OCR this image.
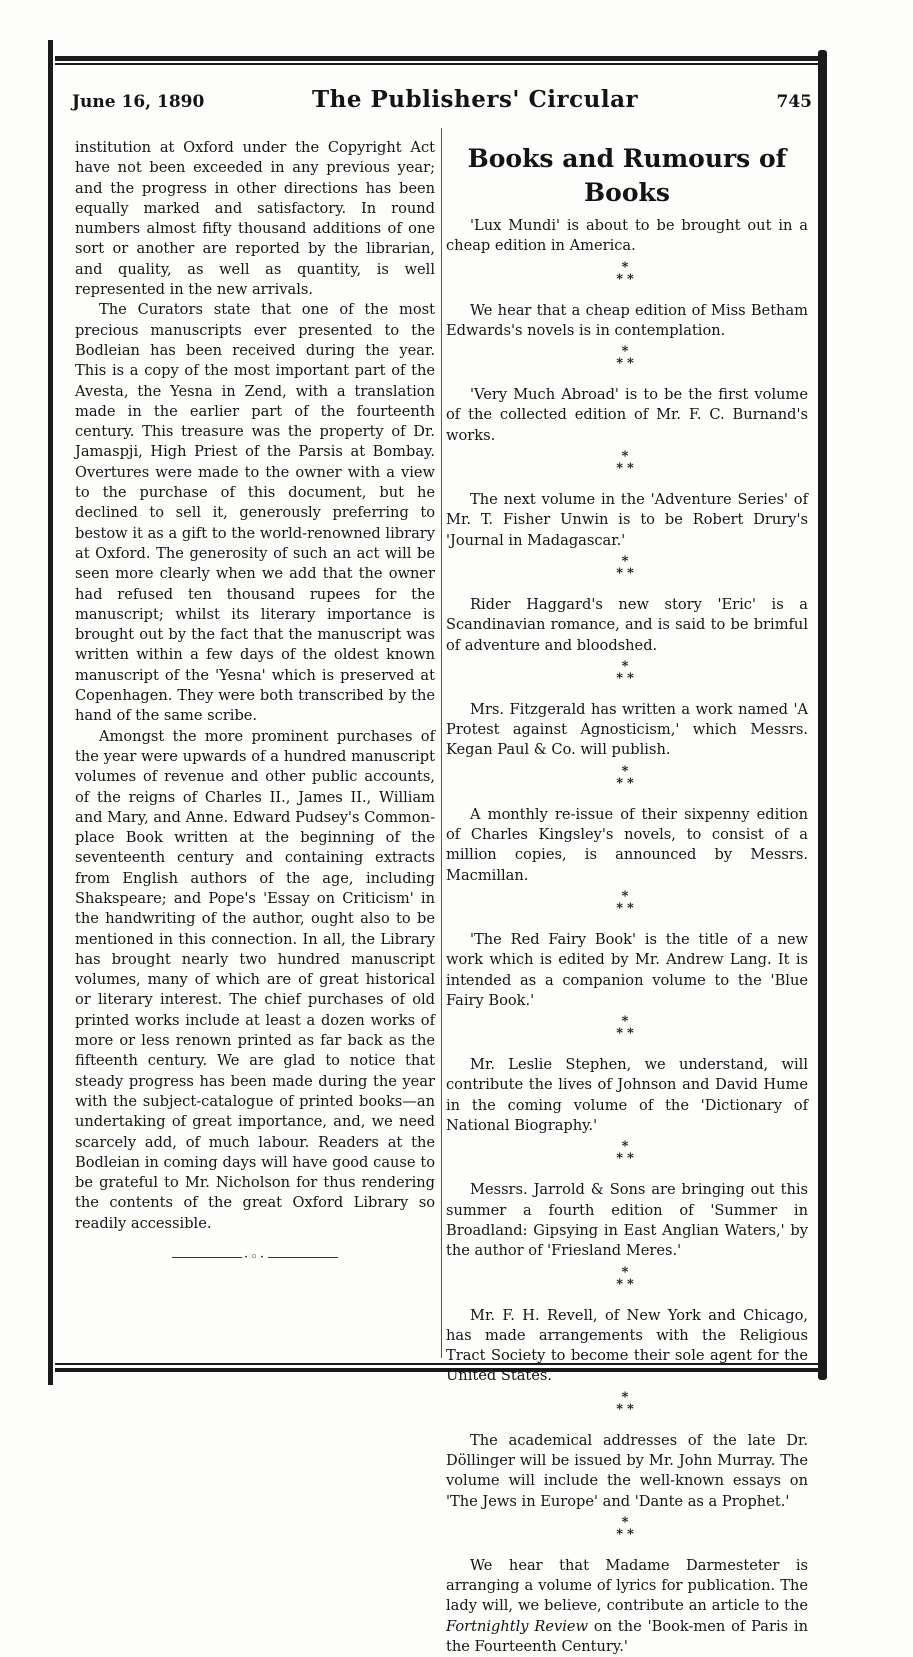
June 16, 1890	The Publishers' Circular	745

institution at Oxford under the Copyright Act have not been exceeded in any previous year; and the progress in other directions has been equally marked and satisfactory. In round numbers almost fifty thousand additions of one sort or another are reported by the librarian, and quality, as well as quantity, is well represented in the new arrivals.

The Curators state that one of the most precious manuscripts ever presented to the Bodleian has been received during the year. This is a copy of the most important part of the Avesta, the Yesna in Zend, with a translation made in the earlier part of the fourteenth century. This treasure was the property of Dr. Jamaspji, High Priest of the Parsis at Bombay. Overtures were made to the owner with a view to the purchase of this document, but he declined to sell it, generously preferring to bestow it as a gift to the world-renowned library at Oxford. The generosity of such an act will be seen more clearly when we add that the owner had refused ten thousand rupees for the manuscript; whilst its literary importance is brought out by the fact that the manuscript was written within a few days of the oldest known manuscript of the 'Yesna' which is preserved at Copenhagen. They were both transcribed by the hand of the same scribe.

Amongst the more prominent purchases of the year were upwards of a hundred manuscript volumes of revenue and other public accounts, of the reigns of Charles II., James II., William and Mary, and Anne. Edward Pudsey's Common-place Book written at the beginning of the seventeenth century and containing extracts from English authors of the age, including Shakspeare; and Pope's 'Essay on Criticism' in the handwriting of the author, ought also to be mentioned in this connection. In all, the Library has brought nearly two hundred manuscript volumes, many of which are of great historical or literary interest. The chief purchases of old printed works include at least a dozen works of more or less renown printed as far back as the fifteenth century. We are glad to notice that steady progress has been made during the year with the subject-catalogue of printed books—an undertaking of great importance, and, we need scarcely add, of much labour. Readers at the Bodleian in coming days will have good cause to be grateful to Mr. Nicholson for thus rendering the contents of the great Oxford Library so readily accessible.

·◦·
Books and Rumours of
Books

'Lux Mundi' is about to be brought out in a cheap edition in America.

*
**

We hear that a cheap edition of Miss Betham Edwards's novels is in contemplation.

*
**

'Very Much Abroad' is to be the first volume of the collected edition of Mr. F. C. Burnand's works.

*
**

The next volume in the 'Adventure Series' of Mr. T. Fisher Unwin is to be Robert Drury's 'Journal in Madagascar.'

*
**

Rider Haggard's new story 'Eric' is a Scandinavian romance, and is said to be brimful of adventure and bloodshed.

*
**

Mrs. Fitzgerald has written a work named 'A Protest against Agnosticism,' which Messrs. Kegan Paul & Co. will publish.

*
**

A monthly re-issue of their sixpenny edition of Charles Kingsley's novels, to consist of a million copies, is announced by Messrs. Macmillan.

*
**

'The Red Fairy Book' is the title of a new work which is edited by Mr. Andrew Lang. It is intended as a companion volume to the 'Blue Fairy Book.'

*
**

Mr. Leslie Stephen, we understand, will contribute the lives of Johnson and David Hume in the coming volume of the 'Dictionary of National Biography.'

*
**

Messrs. Jarrold & Sons are bringing out this summer a fourth edition of 'Summer in Broadland: Gipsying in East Anglian Waters,' by the author of 'Friesland Meres.'

*
**

Mr. F. H. Revell, of New York and Chicago, has made arrangements with the Religious Tract Society to become their sole agent for the United States.

*
**

The academical addresses of the late Dr. Döllinger will be issued by Mr. John Murray. The volume will include the well-known essays on 'The Jews in Europe' and 'Dante as a Prophet.'

*
**

We hear that Madame Darmesteter is arranging a volume of lyrics for publication. The lady will, we believe, contribute an article to the Fortnightly Review on the 'Book-men of Paris in the Fourteenth Century.'
